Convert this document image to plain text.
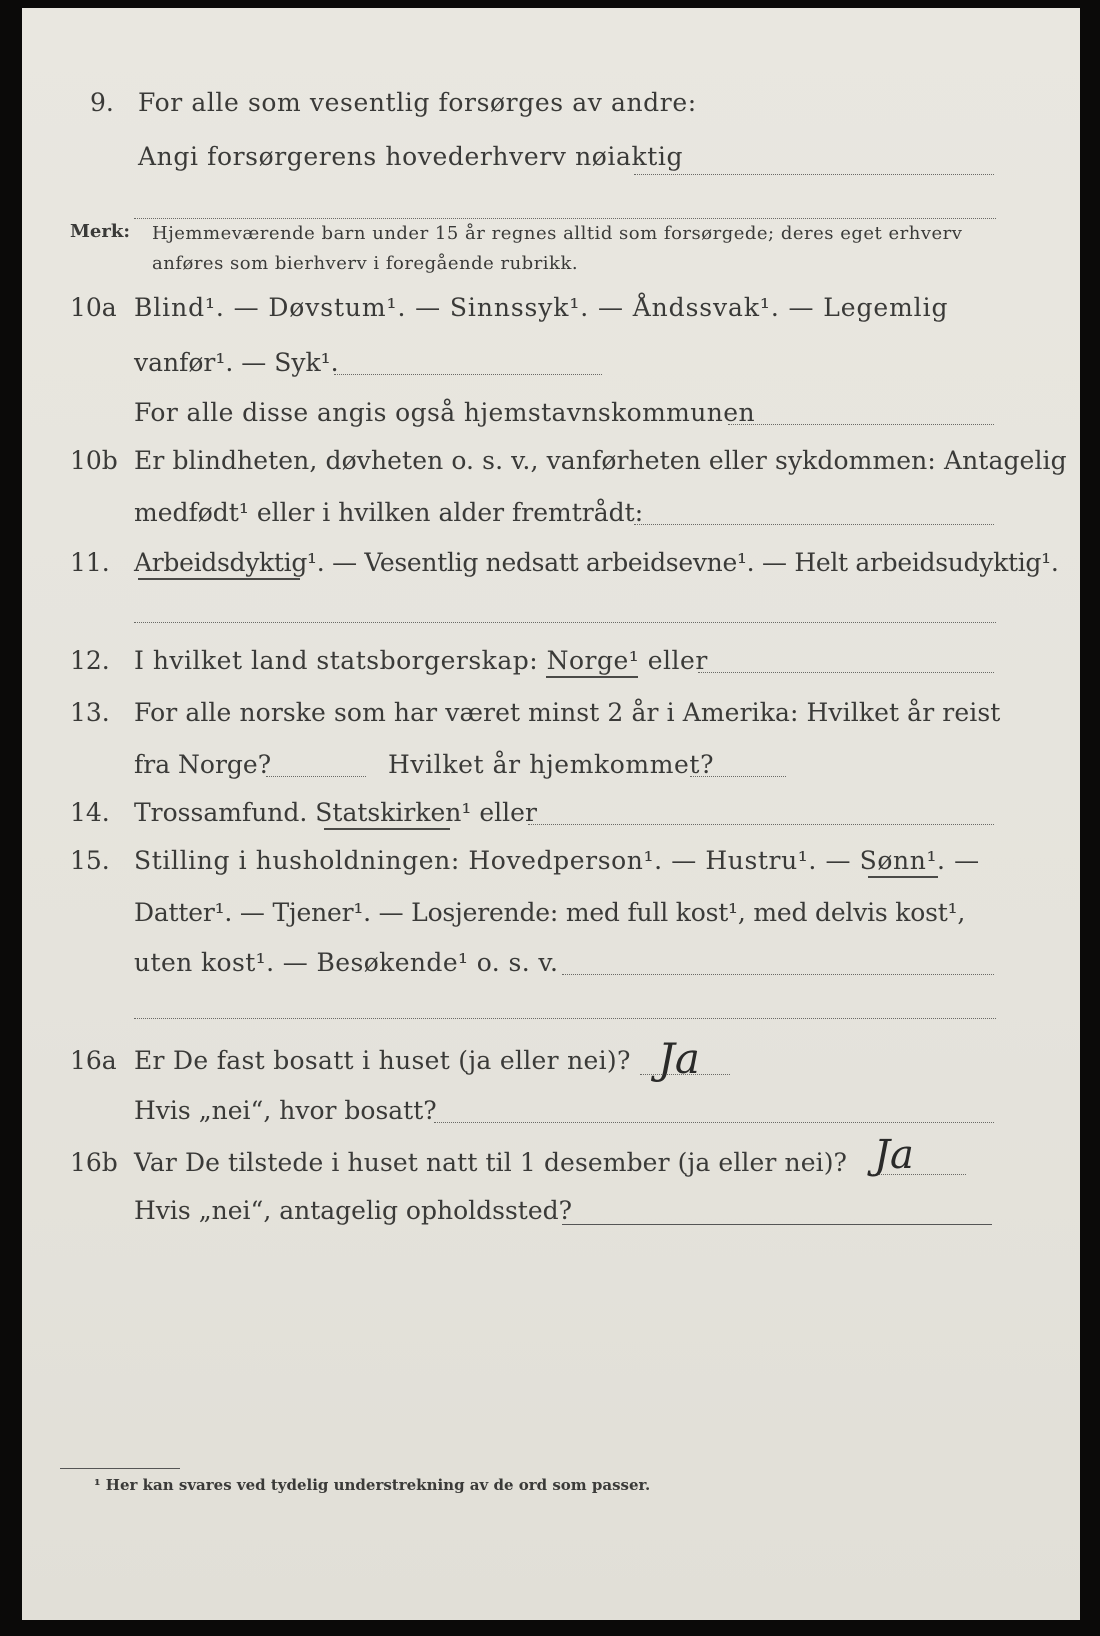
9. For alle som vesentlig forsørges av andre:
Angi forsørgerens hovederhverv nøiaktig
Merk: Hjemmeværende barn under 15 år regnes alltid som forsørgede; deres eget erhverv
anføres som bierhverv i foregående rubrikk.
10a Blind¹. — Døvstum¹. — Sinnssyk¹. — Åndssvak¹. — Legemlig
vanfør¹. — Syk¹.
For alle disse angis også hjemstavnskommunen
10b Er blindheten, døvheten o. s. v., vanførheten eller sykdommen: Antagelig
medfødt¹ eller i hvilken alder fremtrådt:
11. Arbeidsdyktig¹. — Vesentlig nedsatt arbeidsevne¹. — Helt arbeidsudyktig¹.
12. I hvilket land statsborgerskap: Norge¹ eller
13. For alle norske som har været minst 2 år i Amerika: Hvilket år reist
fra Norge?	Hvilket år hjemkommet?
14. Trossamfund. Statskirken¹ eller
15. Stilling i husholdningen: Hovedperson¹. — Hustru¹. — Sønn¹. —
Datter¹. — Tjener¹. — Losjerende: med full kost¹, med delvis kost¹,
uten kost¹. — Besøkende¹ o. s. v.
16a Er De fast bosatt i huset (ja eller nei)? Ja
Hvis „nei“, hvor bosatt?
16b Var De tilstede i huset natt til 1 desember (ja eller nei)? Ja
Hvis „nei“, antagelig opholdssted?
¹ Her kan svares ved tydelig understrekning av de ord som passer.
